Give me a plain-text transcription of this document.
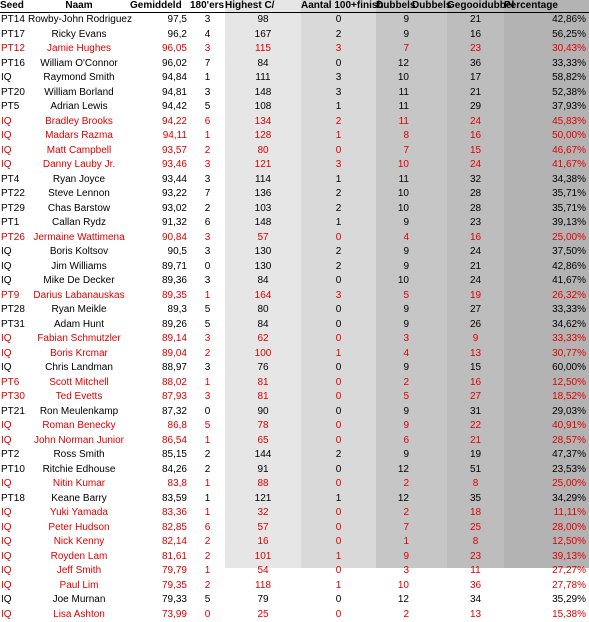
Seed	Naam	Gemiddeld	180'ers	Highest C/	Aantal 100+finish	Dubbels	Dubbels	Gegooidubbel	Percentage
PT14	Rowby-John Rodriguez	97,5	3	98	0	9		21	42,86%
PT17	Ricky Evans	96,2	4	167	2	9		16	56,25%
PT12	Jamie Hughes	96,05	3	115	3	7		23	30,43%
PT16	William O'Connor	96,02	7	84	0	12		36	33,33%
IQ	Raymond Smith	94,84	1	111	3	10		17	58,82%
PT20	William Borland	94,81	3	148	3	11		21	52,38%
PT5	Adrian Lewis	94,42	5	108	1	11		29	37,93%
IQ	Bradley Brooks	94,22	6	134	2	11		24	45,83%
IQ	Madars Razma	94,11	1	128	1	8		16	50,00%
IQ	Matt Campbell	93,57	2	80	0	7		15	46,67%
IQ	Danny Lauby Jr.	93,46	3	121	3	10		24	41,67%
PT4	Ryan Joyce	93,44	3	114	1	11		32	34,38%
PT22	Steve Lennon	93,22	7	136	2	10		28	35,71%
PT29	Chas Barstow	93,02	2	103	2	10		28	35,71%
PT1	Callan Rydz	91,32	6	148	1	9		23	39,13%
PT26	Jermaine Wattimena	90,84	3	57	0	4		16	25,00%
IQ	Boris Koltsov	90,5	3	130	2	9		24	37,50%
IQ	Jim Williams	89,71	0	130	2	9		21	42,86%
IQ	Mike De Decker	89,36	3	84	0	10		24	41,67%
PT9	Darius Labanauskas	89,35	1	164	3	5		19	26,32%
PT28	Ryan Meikle	89,3	5	80	0	9		27	33,33%
PT31	Adam Hunt	89,26	5	84	0	9		26	34,62%
IQ	Fabian Schmutzler	89,14	3	62	0	3		9	33,33%
IQ	Boris Krcmar	89,04	2	100	1	4		13	30,77%
IQ	Chris Landman	88,97	3	76	0	9		15	60,00%
PT6	Scott Mitchell	88,02	1	81	0	2		16	12,50%
PT30	Ted Evetts	87,93	3	81	0	5		27	18,52%
PT21	Ron Meulenkamp	87,32	0	90	0	9		31	29,03%
IQ	Roman Benecky	86,8	5	78	0	9		22	40,91%
IQ	John Norman Junior	86,54	1	65	0	6		21	28,57%
PT2	Ross Smith	85,15	2	144	2	9		19	47,37%
PT10	Ritchie Edhouse	84,26	2	91	0	12		51	23,53%
IQ	Nitin Kumar	83,8	1	88	0	2		8	25,00%
PT18	Keane Barry	83,59	1	121	1	12		35	34,29%
IQ	Yuki Yamada	83,36	1	32	0	2		18	11,11%
IQ	Peter Hudson	82,85	6	57	0	7		25	28,00%
IQ	Nick Kenny	82,14	2	16	0	1		8	12,50%
IQ	Royden Lam	81,61	2	101	1	9		23	39,13%
IQ	Jeff Smith	79,79	1	54	0	3		11	27,27%
IQ	Paul Lim	79,35	2	118	1	10		36	27,78%
IQ	Joe Murnan	79,33	5	79	0	12		34	35,29%
IQ	Lisa Ashton	73,99	0	25	0	2		13	15,38%
